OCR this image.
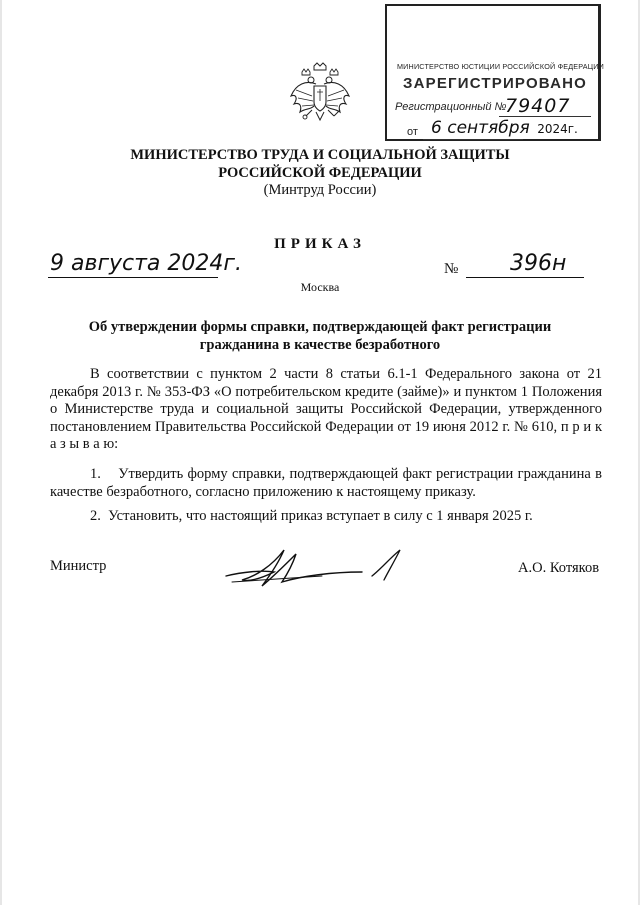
МИНИСТЕРСТВО ЮСТИЦИИ РОССИЙСКОЙ ФЕДЕРАЦИИ
ЗАРЕГИСТРИРОВАНО
Регистрационный №
79407
от 6 сентября 2024г.
МИНИСТЕРСТВО ТРУДА И СОЦИАЛЬНОЙ ЗАЩИТЫ
РОССИЙСКОЙ ФЕДЕРАЦИИ
(Минтруд России)
ПРИКАЗ
9 августа 2024г.	№ 396н
Москва
Об утверждении формы справки, подтверждающей факт регистрации
гражданина в качестве безработного
В соответствии с пунктом 2 части 8 статьи 6.1-1 Федерального закона от 21 декабря 2013 г. № 353-ФЗ «О потребительском кредите (займе)» и пунктом 1 Положения о Министерстве труда и социальной защиты Российской Федерации, утвержденного постановлением Правительства Российской Федерации от 19 июня 2012 г. № 610, п р и к а з ы в а ю:
1.    Утвердить форму справки, подтверждающей факт регистрации гражданина в качестве безработного, согласно приложению к настоящему приказу.
2.  Установить, что настоящий приказ вступает в силу с 1 января 2025 г.
Министр	А.О. Котяков
